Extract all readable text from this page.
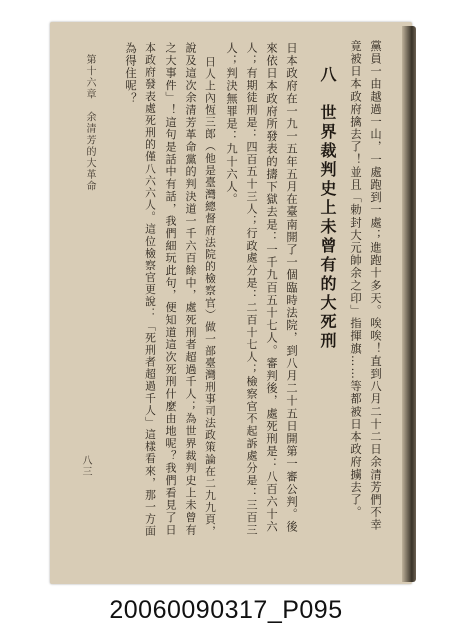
黨員一由越過一山，一處跑到一處；進跑十多天。唉唉！直到八月二十二日余清芳們不幸
竟被日本政府擒去了！並且「勅封大元帥余之印」指揮旗……等都被日本政府擄去了。
八　世界裁判史上未曾有的大死刑
日本政府在一九一五年五月在臺南開了一個臨時法院，到八月二十五日開第一審公判。後
來依日本政府所發表的擣下獄去是：一千九百五十七人。審判後，處死刑是：八百六十六
人；有期徒刑是：四百五十三人；行政處分是：二百十七人；檢察官不起訴處分是：三百三
人；判決無罪是：九十六人。
日人上內恆三郎（他是臺灣總督府法院的檢察官）做一部臺灣刑事司法政策論在二九九頁，
說及這次余清芳革命黨的判決道一千六百餘中，處死刑者超過千人；為世界裁判史上未曾有
之大事件」！這句是話中有話，我們細玩此句，便知道這次死刑什麼由地呢？我們看見了日
本政府發表處死刑的僅八六六人。這位檢察官更說：「死刑者超過千人」這樣看來，那一方面
為得住呢？
第十六章　余清芳的大革命
八三
20060090317_P095
